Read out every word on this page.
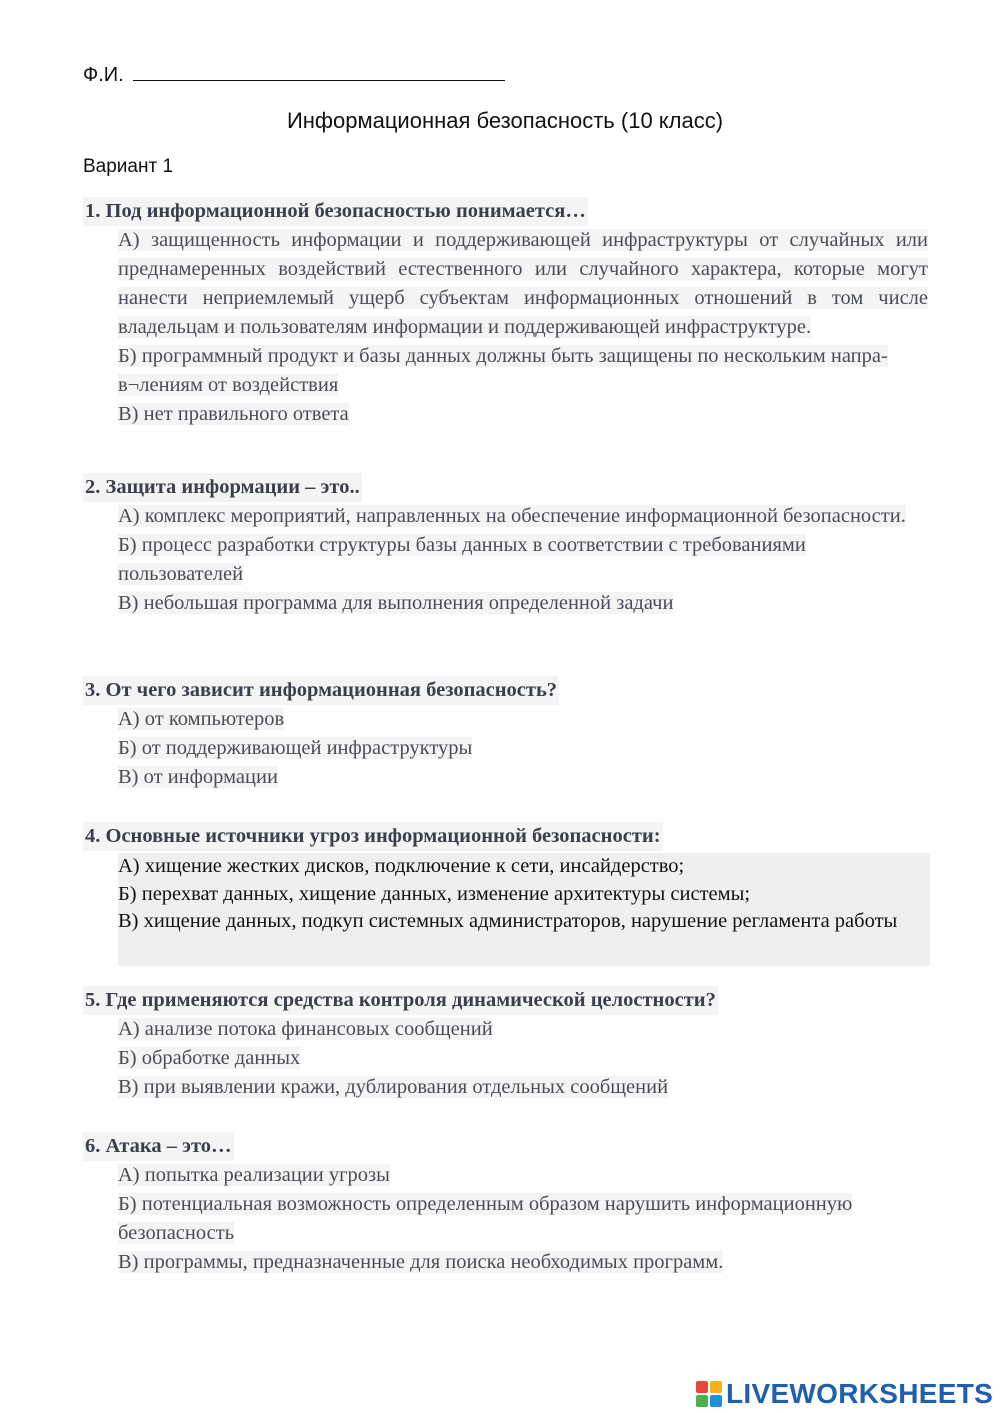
Ф.И.
Информационная безопасность (10 класс)
Вариант 1
1. Под информационной безопасностью понимается…

А) защищенность информации и поддерживающей инфраструктуры от случайных или преднамеренных воздействий естественного или случайного характера, которые могут нанести неприемлемый ущерб субъектам информационных отношений в том числе владельцам и пользователям информации и поддерживающей инфраструктуре.

Б) программный продукт и базы данных должны быть защищены по нескольким направ¬лениям от воздействия

В) нет правильного ответа

2. Защита информации – это..

А) комплекс мероприятий, направленных на обеспечение информационной безопасности.

Б) процесс разработки структуры базы данных в соответствии с требованиями пользователей

В) небольшая программа для выполнения определенной задачи

3. От чего зависит информационная безопасность?

А) от компьютеров

Б) от поддерживающей инфраструктуры

В) от информации

4. Основные источники угроз информационной безопасности:

А) хищение жестких дисков, подключение к сети, инсайдерство;

Б) перехват данных, хищение данных, изменение архитектуры системы;

В) хищение данных, подкуп системных администраторов, нарушение регламента работы

5. Где применяются средства контроля динамической целостности?

А) анализе потока финансовых сообщений

Б) обработке данных

В) при выявлении кражи, дублирования отдельных сообщений

6. Атака – это…

А) попытка реализации угрозы

Б) потенциальная возможность определенным образом нарушить информационную безопасность

В) программы, предназначенные для поиска необходимых программ.

LIVEWORKSHEETS
